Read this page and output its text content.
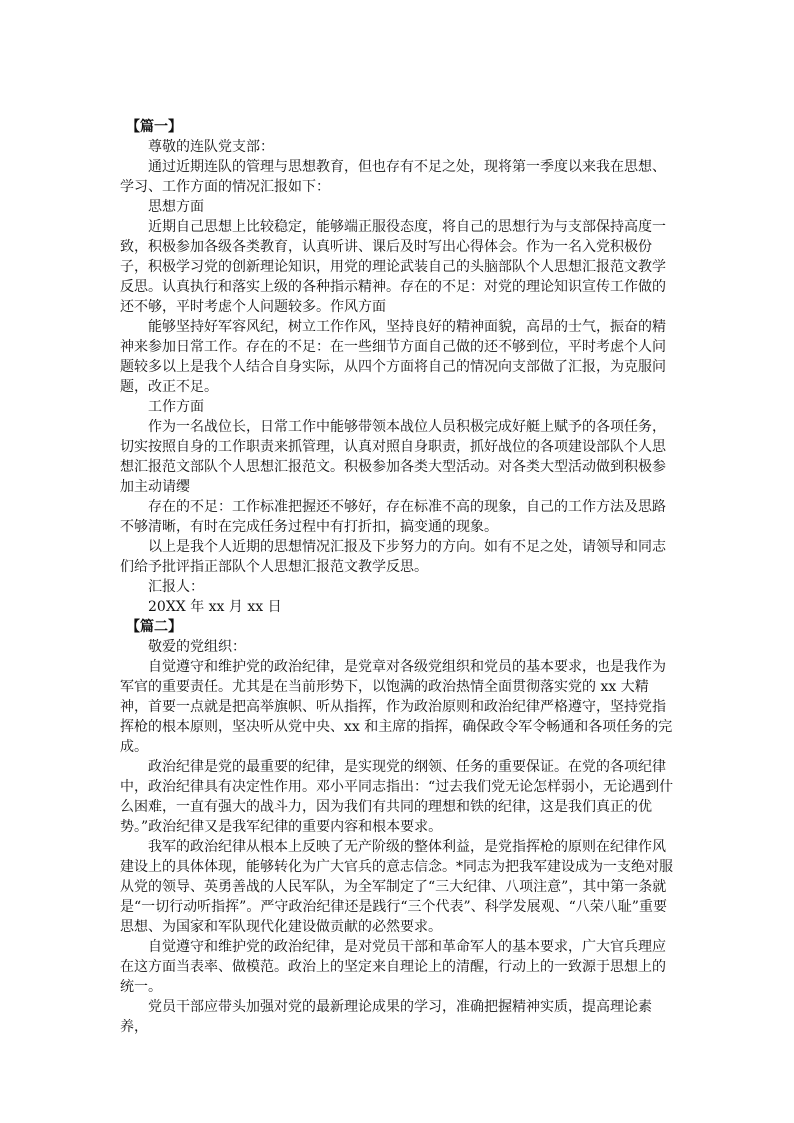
【篇一】

尊敬的连队党支部：

通过近期连队的管理与思想教育，但也存有不足之处，现将第一季度以来我在思想、学习、工作方面的情况汇报如下：

思想方面

近期自己思想上比较稳定，能够端正服役态度，将自己的思想行为与支部保持高度一致，积极参加各级各类教育，认真听讲、课后及时写出心得体会。作为一名入党积极份子，积极学习党的创新理论知识，用党的理论武装自己的头脑部队个人思想汇报范文教学反思。认真执行和落实上级的各种指示精神。存在的不足：对党的理论知识宣传工作做的还不够，平时考虑个人问题较多。作风方面

能够坚持好军容风纪，树立工作作风，坚持良好的精神面貌，高昂的士气，振奋的精神来参加日常工作。存在的不足：在一些细节方面自己做的还不够到位，平时考虑个人问题较多以上是我个人结合自身实际，从四个方面将自己的情况向支部做了汇报，为克服问题，改正不足。

工作方面

作为一名战位长，日常工作中能够带领本战位人员积极完成好艇上赋予的各项任务，切实按照自身的工作职责来抓管理，认真对照自身职责，抓好战位的各项建设部队个人思想汇报范文部队个人思想汇报范文。积极参加各类大型活动。对各类大型活动做到积极参加主动请缨

存在的不足：工作标准把握还不够好，存在标准不高的现象，自己的工作方法及思路不够清晰，有时在完成任务过程中有打折扣，搞变通的现象。

以上是我个人近期的思想情况汇报及下步努力的方向。如有不足之处，请领导和同志们给予批评指正部队个人思想汇报范文教学反思。

汇报人：

20XX 年 xx 月 xx 日

【篇二】

敬爱的党组织：

自觉遵守和维护党的政治纪律，是党章对各级党组织和党员的基本要求，也是我作为军官的重要责任。尤其是在当前形势下，以饱满的政治热情全面贯彻落实党的 xx 大精神，首要一点就是把高举旗帜、听从指挥，作为政治原则和政治纪律严格遵守，坚持党指挥枪的根本原则，坚决听从党中央、xx 和主席的指挥，确保政令军令畅通和各项任务的完成。

政治纪律是党的最重要的纪律，是实现党的纲领、任务的重要保证。在党的各项纪律中，政治纪律具有决定性作用。邓小平同志指出：“过去我们党无论怎样弱小，无论遇到什么困难，一直有强大的战斗力，因为我们有共同的理想和铁的纪律，这是我们真正的优势。”政治纪律又是我军纪律的重要内容和根本要求。

我军的政治纪律从根本上反映了无产阶级的整体利益，是党指挥枪的原则在纪律作风建设上的具体体现，能够转化为广大官兵的意志信念。*同志为把我军建设成为一支绝对服从党的领导、英勇善战的人民军队，为全军制定了“三大纪律、八项注意”，其中第一条就是“一切行动听指挥”。严守政治纪律还是践行“三个代表”、科学发展观、“八荣八耻”重要思想、为国家和军队现代化建设做贡献的必然要求。

自觉遵守和维护党的政治纪律，是对党员干部和革命军人的基本要求，广大官兵理应在这方面当表率、做模范。政治上的坚定来自理论上的清醒，行动上的一致源于思想上的统一。

党员干部应带头加强对党的最新理论成果的学习，准确把握精神实质，提高理论素养，
